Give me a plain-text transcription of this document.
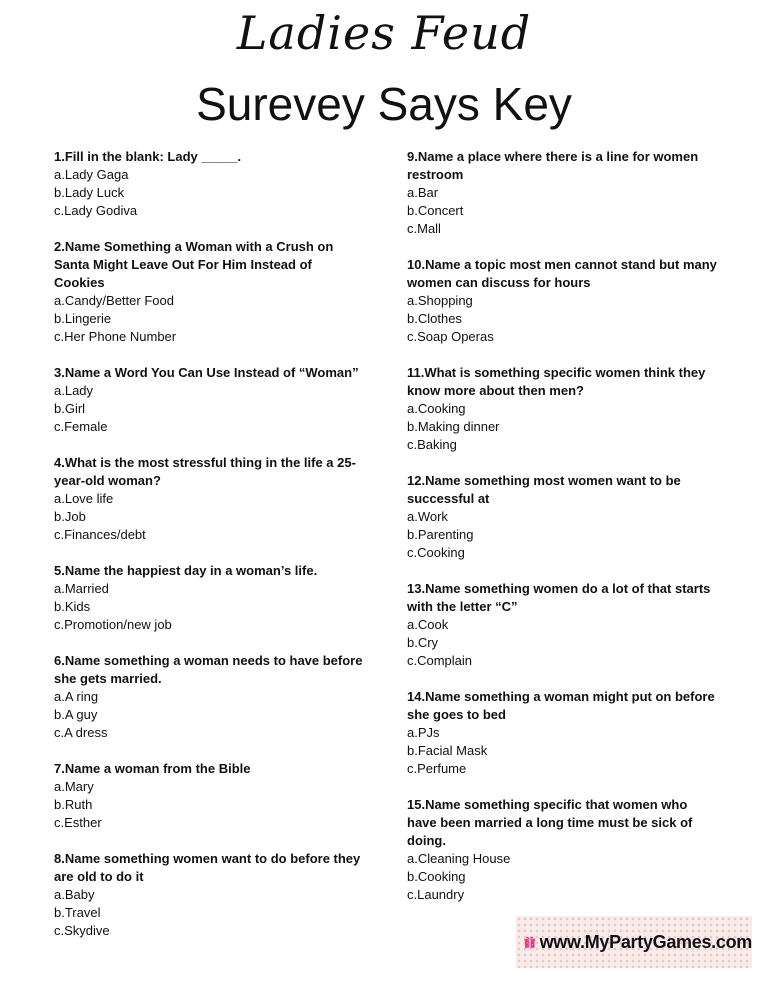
Ladies Feud
Surevey Says Key
1.Fill in the blank: Lady _____.
a.Lady Gaga
b.Lady Luck
c.Lady Godiva
2.Name Something a Woman with a Crush on Santa Might Leave Out For Him Instead of Cookies
a.Candy/Better Food
b.Lingerie
c.Her Phone Number
3.Name a Word You Can Use Instead of “Woman”
a.Lady
b.Girl
c.Female
4.What is the most stressful thing in the life a 25-year-old woman?
a.Love life
b.Job
c.Finances/debt
5.Name the happiest day in a woman’s life.
a.Married
b.Kids
c.Promotion/new job
6.Name something a woman needs to have before she gets married.
a.A ring
b.A guy
c.A dress
7.Name a woman from the Bible
a.Mary
b.Ruth
c.Esther
8.Name something women want to do before they are old to do it
a.Baby
b.Travel
c.Skydive
9.Name a place where there is a line for women restroom
a.Bar
b.Concert
c.Mall
10.Name a topic most men cannot stand but many women can discuss for hours
a.Shopping
b.Clothes
c.Soap Operas
11.What is something specific women think they know more about then men?
a.Cooking
b.Making dinner
c.Baking
12.Name something most women want to be successful at
a.Work
b.Parenting
c.Cooking
13.Name something women do a lot of that starts with the letter “C”
a.Cook
b.Cry
c.Complain
14.Name something a woman might put on before she goes to bed
a.PJs
b.Facial Mask
c.Perfume
15.Name something specific that women who have been married a long time must be sick of doing.
a.Cleaning House
b.Cooking
c.Laundry
www.MyPartyGames.com
